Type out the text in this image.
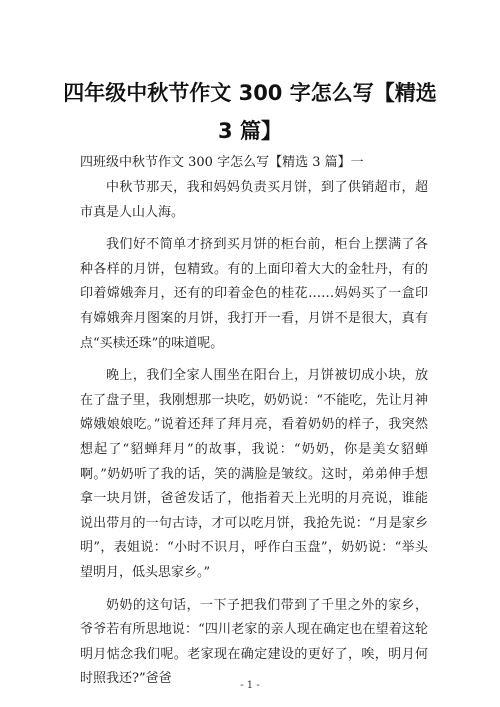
四年级中秋节作文 300 字怎么写【精选 3 篇】
四班级中秋节作文 300 字怎么写【精选 3 篇】一

中秋节那天，我和妈妈负责买月饼，到了供销超市，超市真是人山人海。

我们好不简单才挤到买月饼的柜台前，柜台上摆满了各种各样的月饼，包精致。有的上面印着大大的金牡丹，有的印着嫦娥奔月，还有的印着金色的桂花……妈妈买了一盒印有嫦娥奔月图案的月饼，我打开一看，月饼不是很大，真有点“买椟还珠”的味道呢。

晚上，我们全家人围坐在阳台上，月饼被切成小块，放在了盘子里，我刚想那一块吃，奶奶说：“不能吃，先让月神嫦娥娘娘吃。”说着还拜了拜月亮，看着奶奶的样子，我突然想起了“貂蝉拜月”的故事，我说：“奶奶，你是美女貂蝉啊。”奶奶听了我的话，笑的满脸是皱纹。这时，弟弟伸手想拿一块月饼，爸爸发话了，他指着天上光明的月亮说，谁能说出带月的一句古诗，才可以吃月饼，我抢先说：“月是家乡明”，表姐说：“小时不识月，呼作白玉盘”，奶奶说：“举头望明月，低头思家乡。”

奶奶的这句话，一下子把我们带到了千里之外的家乡，爷爷若有所思地说：“四川老家的亲人现在确定也在望着这轮明月惦念我们呢。老家现在确定建设的更好了，唉，明月何时照我还?”爸爸	- 1 -
